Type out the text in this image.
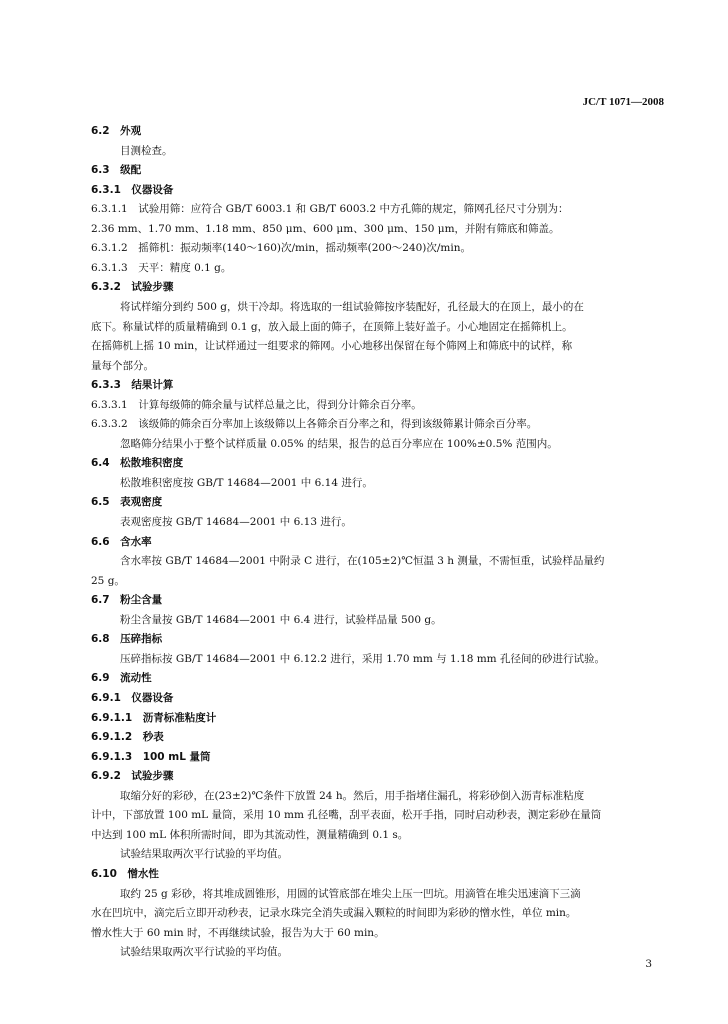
JC/T 1071—2008
6.2　外观
目测检查。
6.3　级配
6.3.1　仪器设备
6.3.1.1　试验用筛：应符合 GB/T 6003.1 和 GB/T 6003.2 中方孔筛的规定，筛网孔径尺寸分别为：
2.36 mm、1.70 mm、1.18 mm、850 μm、600 μm、300 μm、150 μm，并附有筛底和筛盖。
6.3.1.2　摇筛机：振动频率(140～160)次/min，摇动频率(200～240)次/min。
6.3.1.3　天平：精度 0.1 g。
6.3.2　试验步骤
将试样缩分到约 500 g，烘干冷却。将选取的一组试验筛按序装配好，孔径最大的在顶上，最小的在
底下。称量试样的质量精确到 0.1 g，放入最上面的筛子，在顶筛上装好盖子。小心地固定在摇筛机上。
在摇筛机上摇 10 min，让试样通过一组要求的筛网。小心地移出保留在每个筛网上和筛底中的试样，称
量每个部分。
6.3.3　结果计算
6.3.3.1　计算每级筛的筛余量与试样总量之比，得到分计筛余百分率。
6.3.3.2　该级筛的筛余百分率加上该级筛以上各筛余百分率之和，得到该级筛累计筛余百分率。
忽略筛分结果小于整个试样质量 0.05% 的结果，报告的总百分率应在 100%±0.5% 范围内。
6.4　松散堆积密度
松散堆积密度按 GB/T 14684—2001 中 6.14 进行。
6.5　表观密度
表观密度按 GB/T 14684—2001 中 6.13 进行。
6.6　含水率
含水率按 GB/T 14684—2001 中附录 C 进行，在(105±2)℃恒温 3 h 测量，不需恒重，试验样品量约
25 g。
6.7　粉尘含量
粉尘含量按 GB/T 14684—2001 中 6.4 进行，试验样品量 500 g。
6.8　压碎指标
压碎指标按 GB/T 14684—2001 中 6.12.2 进行，采用 1.70 mm 与 1.18 mm 孔径间的砂进行试验。
6.9　流动性
6.9.1　仪器设备
6.9.1.1　沥青标准粘度计
6.9.1.2　秒表
6.9.1.3　100 mL 量筒
6.9.2　试验步骤
取缩分好的彩砂，在(23±2)℃条件下放置 24 h。然后，用手指堵住漏孔，将彩砂倒入沥青标准粘度
计中，下部放置 100 mL 量筒，采用 10 mm 孔径嘴，刮平表面，松开手指，同时启动秒表，测定彩砂在量筒
中达到 100 mL 体积所需时间，即为其流动性，测量精确到 0.1 s。
试验结果取两次平行试验的平均值。
6.10　憎水性
取约 25 g 彩砂，将其堆成圆锥形，用圆的试管底部在堆尖上压一凹坑。用滴管在堆尖迅速滴下三滴
水在凹坑中，滴完后立即开动秒表，记录水珠完全消失或漏入颗粒的时间即为彩砂的憎水性，单位 min。
憎水性大于 60 min 时，不再继续试验，报告为大于 60 min。
试验结果取两次平行试验的平均值。
3
